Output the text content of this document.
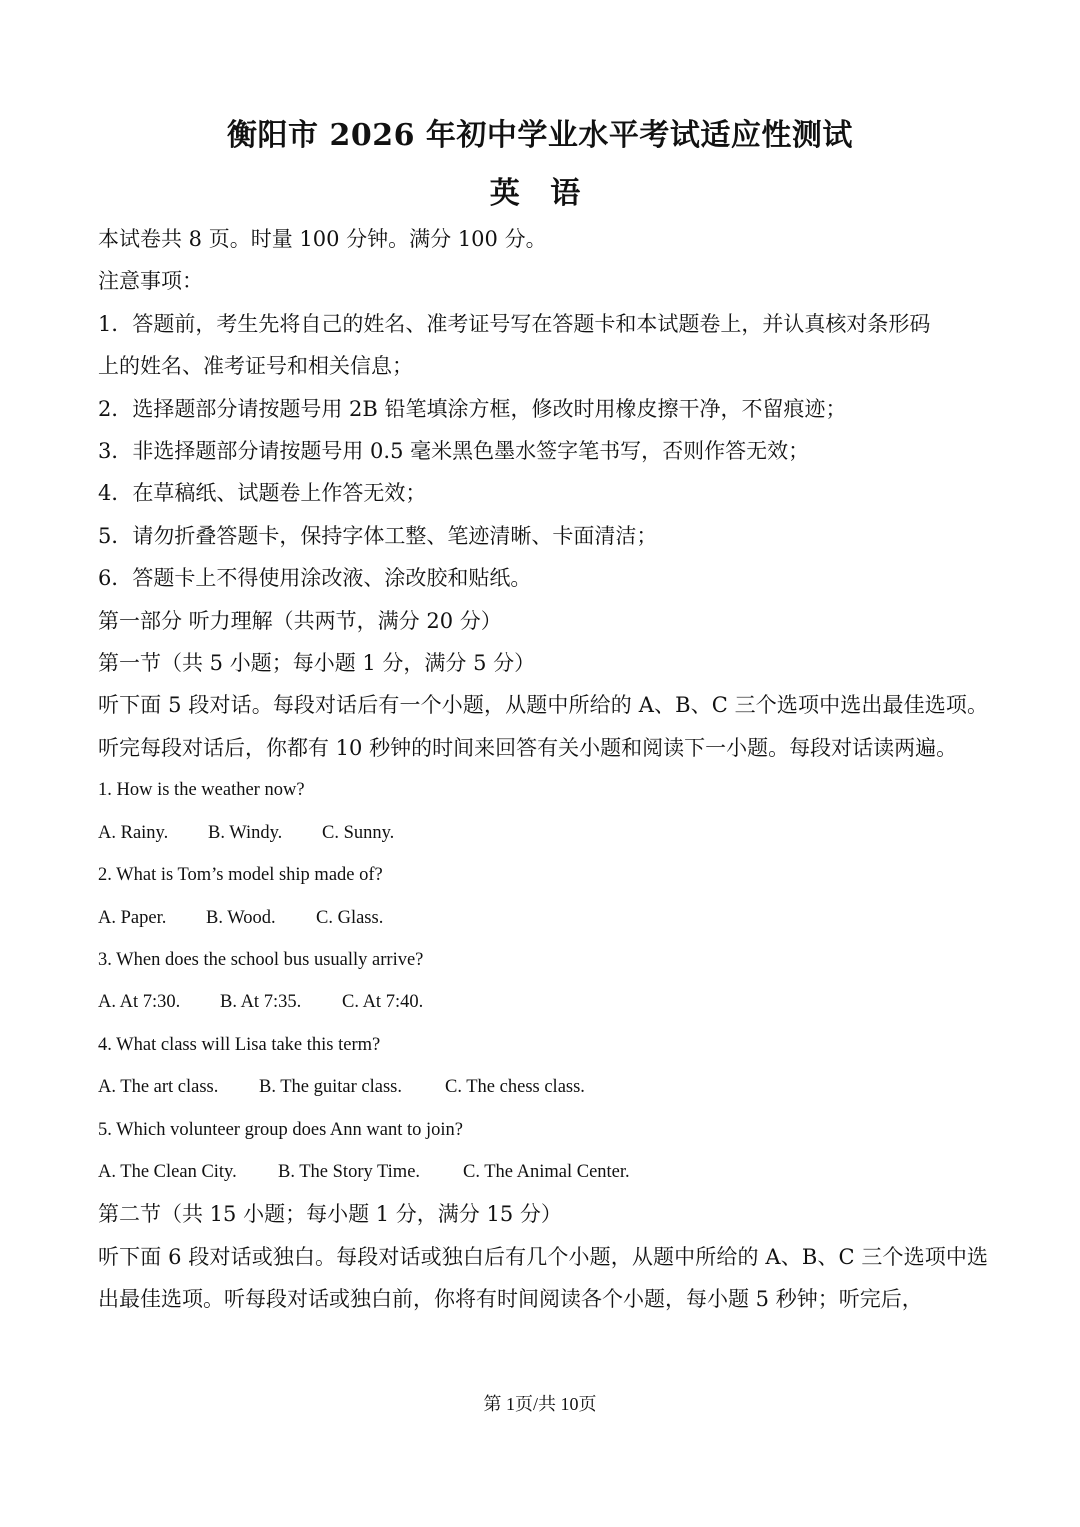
衡阳市 2026 年初中学业水平考试适应性测试
英 语
本试卷共 8 页。时量 100 分钟。满分 100 分。
注意事项：
1．答题前，考生先将自己的姓名、准考证号写在答题卡和本试题卷上，并认真核对条形码
上的姓名、准考证号和相关信息；
2．选择题部分请按题号用 2B 铅笔填涂方框，修改时用橡皮擦干净，不留痕迹；
3．非选择题部分请按题号用 0.5 毫米黑色墨水签字笔书写，否则作答无效；
4．在草稿纸、试题卷上作答无效；
5．请勿折叠答题卡，保持字体工整、笔迹清晰、卡面清洁；
6．答题卡上不得使用涂改液、涂改胶和贴纸。
第一部分 听力理解（共两节，满分 20 分）
第一节（共 5 小题；每小题 1 分，满分 5 分）
听下面 5 段对话。每段对话后有一个小题，从题中所给的 A、B、C 三个选项中选出最佳选项。听完每段对话后，你都有 10 秒钟的时间来回答有关小题和阅读下一小题。每段对话读两遍。
1. How is the weather now?
A. Rainy. B. Windy. C. Sunny.
2. What is Tom’s model ship made of?
A. Paper. B. Wood. C. Glass.
3. When does the school bus usually arrive?
A. At 7:30. B. At 7:35. C. At 7:40.
4. What class will Lisa take this term?
A. The art class. B. The guitar class. C. The chess class.
5. Which volunteer group does Ann want to join?
A. The Clean City. B. The Story Time. C. The Animal Center.
第二节（共 15 小题；每小题 1 分，满分 15 分）
听下面 6 段对话或独白。每段对话或独白后有几个小题，从题中所给的 A、B、C 三个选项中选出最佳选项。听每段对话或独白前，你将有时间阅读各个小题，每小题 5 秒钟；听完后，
第 1页/共 10页
